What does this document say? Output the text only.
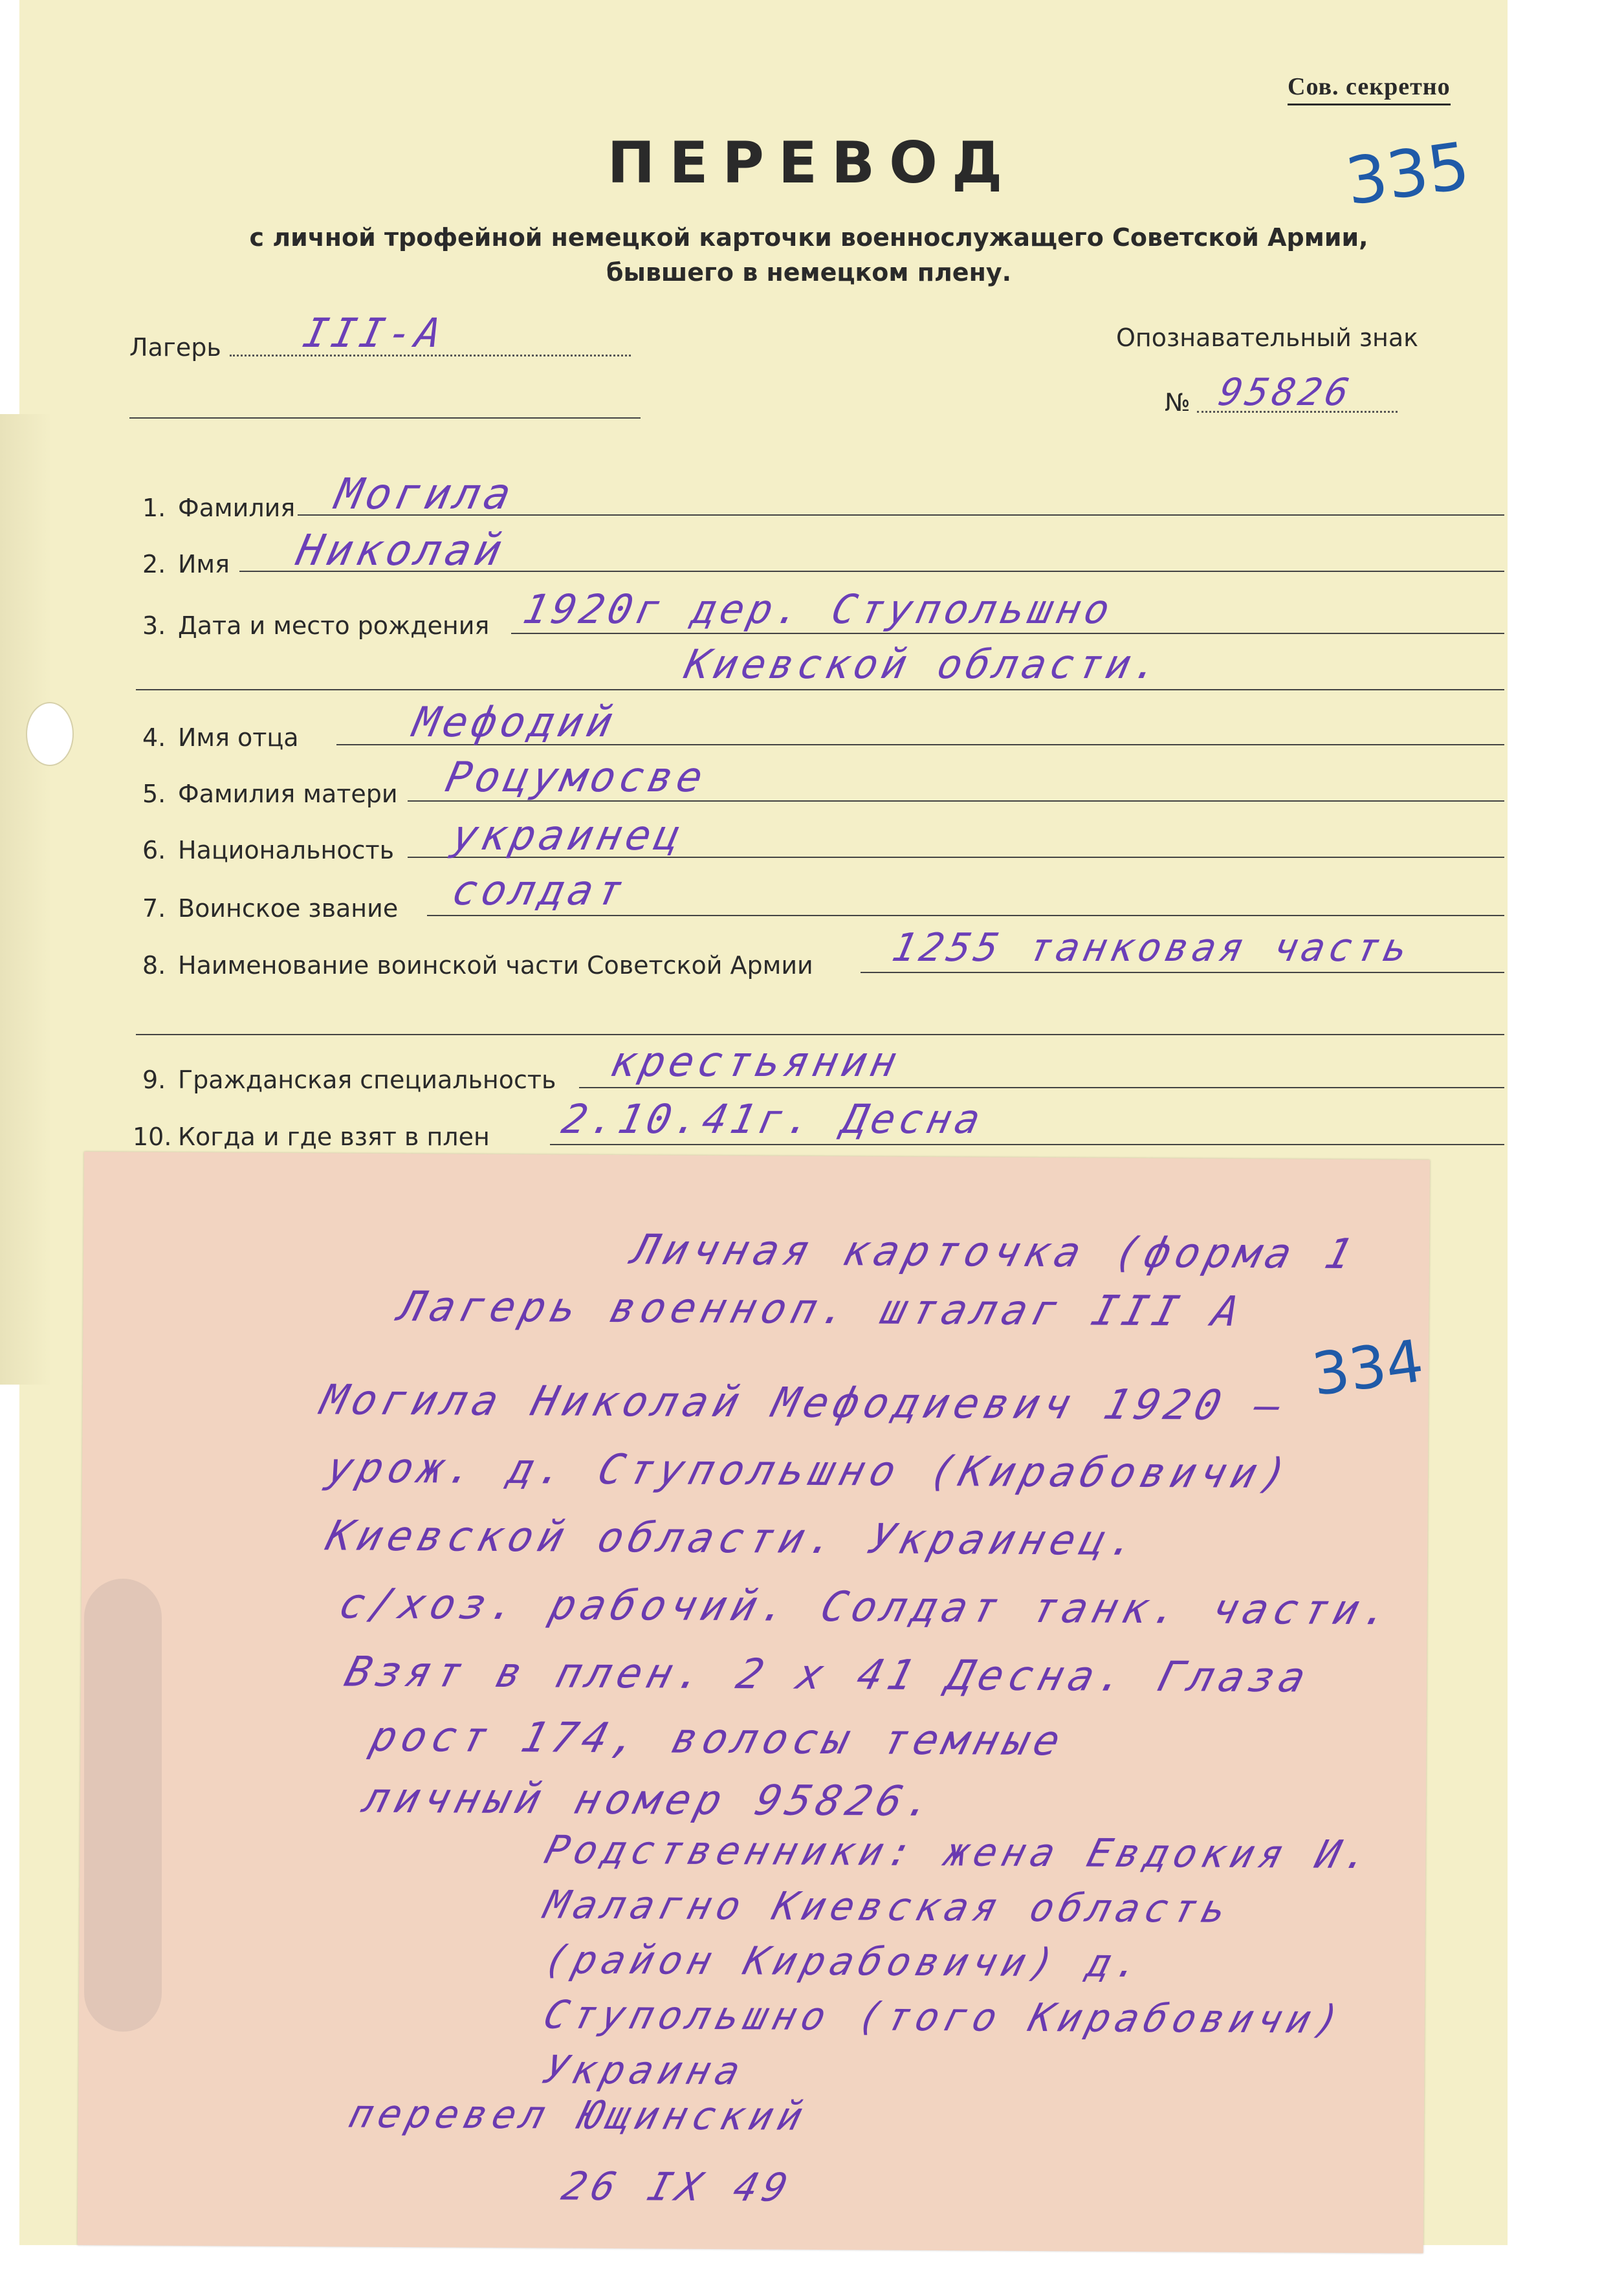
Сов. секретно
335
ПЕРЕВОД
с личной трофейной немецкой карточки военнослужащего Советской Армии,
бывшего в немецком плену.
Лагерь III-А	Опознавательный знак
№ 95826
1. Фамилия Могила
2. Имя Николай
3. Дата и место рождения 1920г дер. Ступольшно
Киевской области.
4. Имя отца	Мефодий
5. Фамилия матери Роцумосве
6. Национальность украинец
7. Воинское звание солдат
8. Наименование воинской части Советской Армии 1255 танковая часть
9. Гражданская специальность крестьянин
10. Когда и где взят в плен 2.10.41г. Десна
Личная карточка (форма 1
Лагерь военноп. шталаг III А
334
Могила Николай Мефодиевич 1920 –
урож. д. Ступольшно (Кирабовичи)
Киевской области. Украинец.
с/хоз. рабочий. Солдат танк. части.
Взят в плен. 2 х 41 Десна. Глаза
рост 174, волосы темные
личный номер 95826.
Родственники: жена Евдокия И.
Малагно Киевская область
(район Кирабовичи) д.
Ступольшно (того Кирабовичи)
Украина
перевел Ющинский
26 IX 49
